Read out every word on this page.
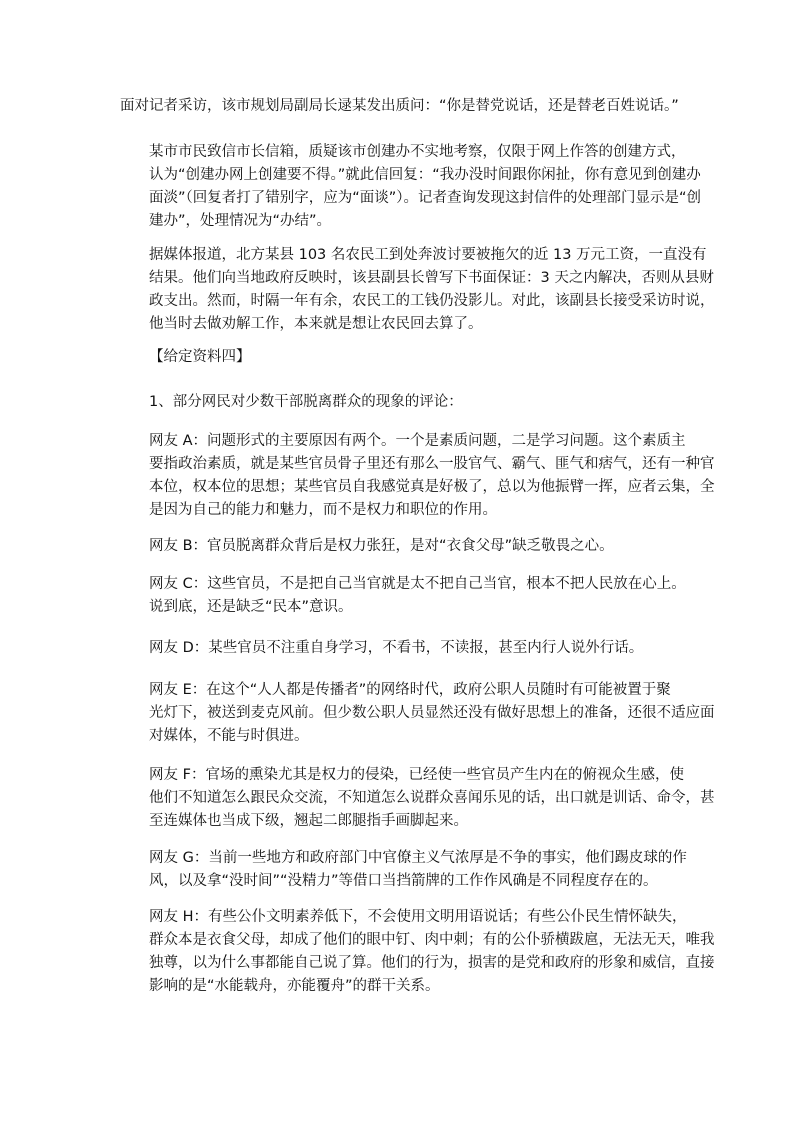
面对记者采访，该市规划局副局长逯某发出质问：“你是替党说话，还是替老百姓说话。”

某市市民致信市长信箱，质疑该市创建办不实地考察，仅限于网上作答的创建方式，
认为“创建办网上创建要不得。”就此信回复：“我办没时间跟你闲扯，你有意见到创建办
面淡”（回复者打了错别字，应为“面谈”）。记者查询发现这封信件的处理部门显示是“创
建办”，处理情况为“办结”。

据媒体报道，北方某县 103 名农民工到处奔波讨要被拖欠的近 13 万元工资，一直没有
结果。他们向当地政府反映时，该县副县长曾写下书面保证：3 天之内解决，否则从县财
政支出。然而，时隔一年有余，农民工的工钱仍没影儿。对此，该副县长接受采访时说，
他当时去做劝解工作，本来就是想让农民回去算了。

【给定资料四】

1、部分网民对少数干部脱离群众的现象的评论：

网友 A：问题形式的主要原因有两个。一个是素质问题，二是学习问题。这个素质主
要指政治素质，就是某些官员骨子里还有那么一股官气、霸气、匪气和痞气，还有一种官
本位，权本位的思想；某些官员自我感觉真是好极了，总以为他振臂一挥，应者云集，全
是因为自己的能力和魅力，而不是权力和职位的作用。

网友 B：官员脱离群众背后是权力张狂，是对“衣食父母”缺乏敬畏之心。

网友 C：这些官员，不是把自己当官就是太不把自己当官，根本不把人民放在心上。
说到底，还是缺乏“民本”意识。

网友 D：某些官员不注重自身学习，不看书，不读报，甚至内行人说外行话。

网友 E：在这个“人人都是传播者”的网络时代，政府公职人员随时有可能被置于聚
光灯下，被送到麦克风前。但少数公职人员显然还没有做好思想上的准备，还很不适应面
对媒体，不能与时俱进。

网友 F：官场的熏染尤其是权力的侵染，已经使一些官员产生内在的俯视众生感，使
他们不知道怎么跟民众交流，不知道怎么说群众喜闻乐见的话，出口就是训话、命令，甚
至连媒体也当成下级，翘起二郎腿指手画脚起来。

网友 G：当前一些地方和政府部门中官僚主义气浓厚是不争的事实，他们踢皮球的作
风，以及拿“没时间”“没精力”等借口当挡箭牌的工作作风确是不同程度存在的。

网友 H：有些公仆文明素养低下，不会使用文明用语说话；有些公仆民生情怀缺失，
群众本是衣食父母，却成了他们的眼中钉、肉中刺；有的公仆骄横跋扈，无法无天，唯我
独尊，以为什么事都能自己说了算。他们的行为，损害的是党和政府的形象和威信，直接
影响的是“水能载舟，亦能覆舟”的群干关系。
